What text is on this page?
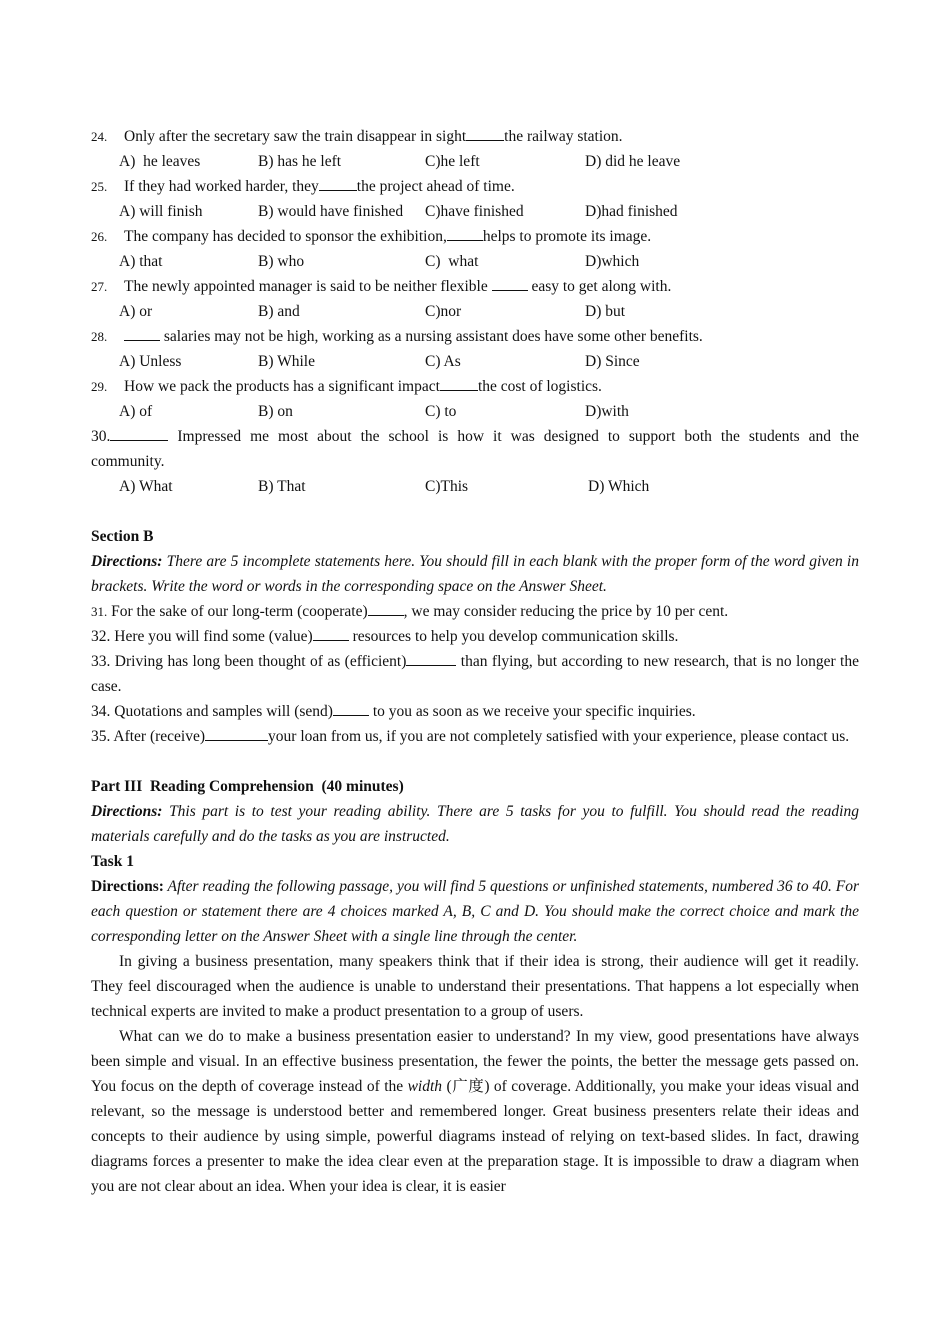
24.	Only after the secretary saw the train disappear in sight the railway station.
A)  he leaves	B) has he left	C)he left	D) did he leave
25.	If they had worked harder, they the project ahead of time.
A) will finish	B) would have finished	C)have finished	D)had finished
26.	The company has decided to sponsor the exhibition, helps to promote its image.
A) that	B) who	C)  what	D)which
27.	The newly appointed manager is said to be neither flexible easy to get along with.
A) or	B) and	C)nor	D) but
28.	salaries may not be high, working as a nursing assistant does have some other benefits.
A) Unless	B) While	C) As	D) Since
29.	How we pack the products has a significant impact the cost of logistics.
A) of	B) on	C) to	D)with
30.	Impressed me most about the school is how it was designed to support both the students and the
community.
A) What	B) That	C)This	D) Which
Section B
Directions: There are 5 incomplete statements here. You should fill in each blank with the proper form of the word given in brackets. Write the word or words in the corresponding space on the Answer Sheet.
31. For the sake of our long-term (cooperate) , we may consider reducing the price by 10 per cent.
32. Here you will find some (value) resources to help you develop communication skills.
33. Driving has long been thought of as (efficient)	than flying, but according to new research, that is no longer the case.
34. Quotations and samples will (send) to you as soon as we receive your specific inquiries.
35. After (receive)	your loan from us, if you are not completely satisfied with your experience, please contact us.
Part III  Reading Comprehension  (40 minutes)
Directions: This part is to test your reading ability. There are 5 tasks for you to fulfill. You should read the reading materials carefully and do the tasks as you are instructed.
Task 1
Directions: After reading the following passage, you will find 5 questions or unfinished statements, numbered 36 to 40. For each question or statement there are 4 choices marked A, B, C and D. You should make the correct choice and mark the corresponding letter on the Answer Sheet with a single line through the center.
In giving a business presentation, many speakers think that if their idea is strong, their audience will get it readily. They feel discouraged when the audience is unable to understand their presentations. That happens a lot especially when technical experts are invited to make a product presentation to a group of users.
What can we do to make a business presentation easier to understand? In my view, good presentations have always been simple and visual. In an effective business presentation, the fewer the points, the better the message gets passed on. You focus on the depth of coverage instead of the width (广度) of coverage. Additionally, you make your ideas visual and relevant, so the message is understood better and remembered longer. Great business presenters relate their ideas and concepts to their audience by using simple, powerful diagrams instead of relying on text-based slides. In fact, drawing diagrams forces a presenter to make the idea clear even at the preparation stage. It is impossible to draw a diagram when you are not clear about an idea. When your idea is clear, it is easier
